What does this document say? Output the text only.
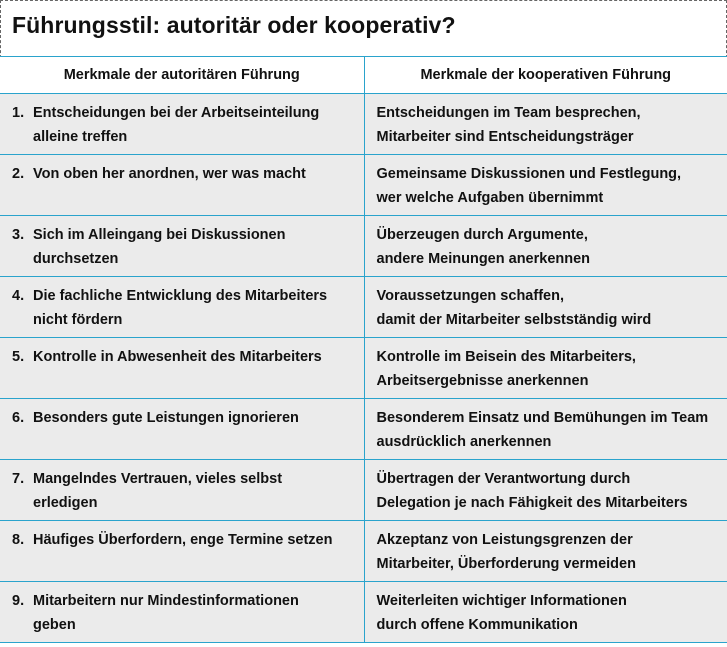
Führungsstil: autoritär oder kooperativ?
Merkmale der autoritären Führung	Merkmale der kooperativen Führung

1. Entscheidungen bei der Arbeitseinteilung
alleine treffen	Entscheidungen im Team besprechen,
Mitarbeiter sind Entscheidungsträger

2. Von oben her anordnen, wer was macht	Gemeinsame Diskussionen und Festlegung,
wer welche Aufgaben übernimmt

3. Sich im Alleingang bei Diskussionen
durchsetzen	Überzeugen durch Argumente,
andere Meinungen anerkennen

4. Die fachliche Entwicklung des Mitarbeiters
nicht fördern	Voraussetzungen schaffen,
damit der Mitarbeiter selbstständig wird

5. Kontrolle in Abwesenheit des Mitarbeiters	Kontrolle im Beisein des Mitarbeiters,
Arbeitsergebnisse anerkennen

6. Besonders gute Leistungen ignorieren	Besonderem Einsatz und Bemühungen im Team
ausdrücklich anerkennen

7. Mangelndes Vertrauen, vieles selbst
erledigen	Übertragen der Verantwortung durch
Delegation je nach Fähigkeit des Mitarbeiters

8. Häufiges Überfordern, enge Termine setzen	Akzeptanz von Leistungsgrenzen der
Mitarbeiter, Überforderung vermeiden

9. Mitarbeitern nur Mindestinformationen
geben	Weiterleiten wichtiger Informationen
durch offene Kommunikation
